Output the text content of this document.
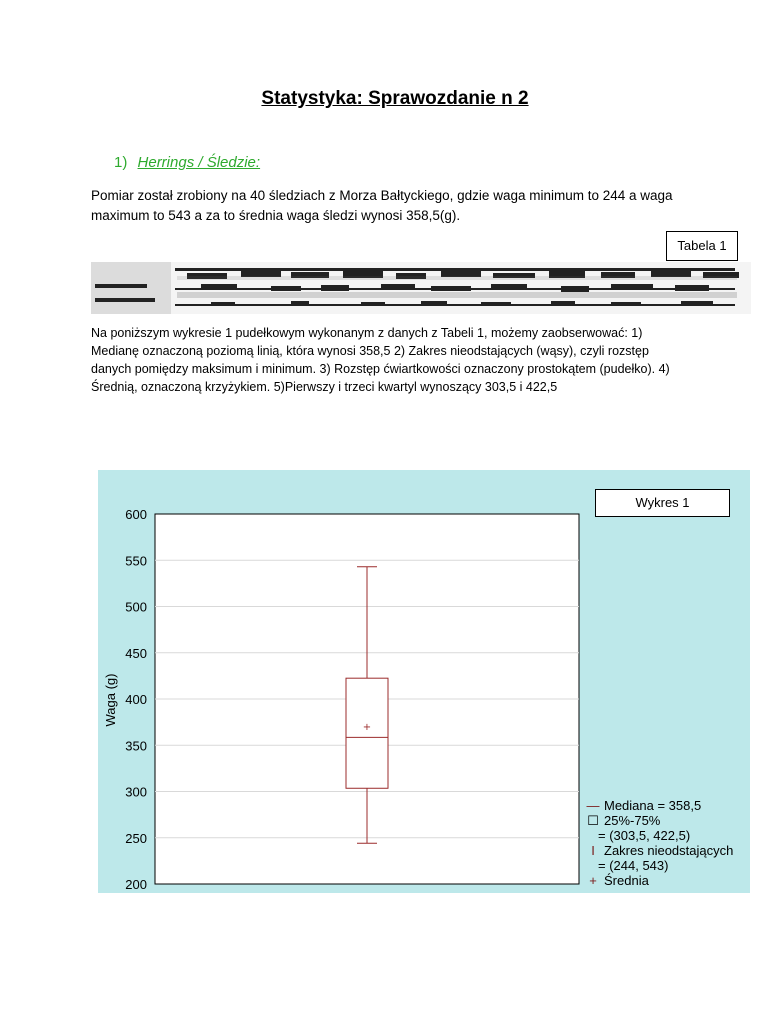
Statystyka: Sprawozdanie n 2
1) Herrings / Śledzie:
Pomiar został zrobiony na 40 śledziach z Morza Bałtyckiego, gdzie waga minimum to 244 a waga maximum to 543 a za to średnia waga śledzi wynosi 358,5(g).
Tabela 1
Na poniższym wykresie 1 pudełkowym wykonanym z danych z Tabeli 1, możemy zaobserwować: 1) Medianę oznaczoną poziomą linią, która wynosi 358,5 2) Zakres nieodstających (wąsy), czyli rozstęp danych pomiędzy maksimum i minimum. 3) Rozstęp ćwiartkowości oznaczony prostokątem (pudełko). 4) Średnią, oznaczoną krzyżykiem. 5)Pierwszy i trzeci kwartyl wynoszący 303,5 i 422,5
200
250
300
350
400
450
500
550
600
Waga (g)
+
Wykres 1
— Mediana = 358,5
☐ 25%-75%
= (303,5, 422,5)
I Zakres nieodstających
= (244, 543)
+ Średnia
